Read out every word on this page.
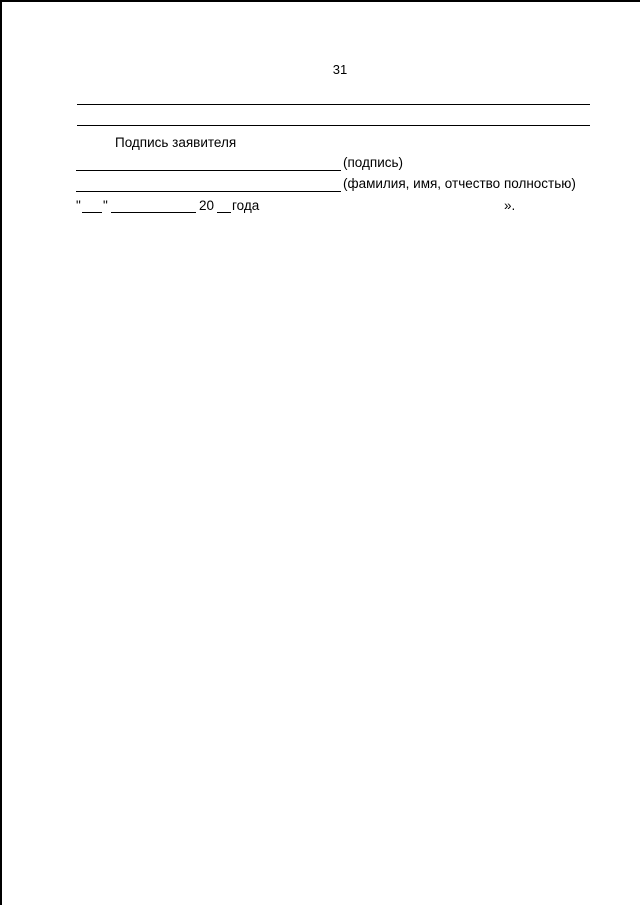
31
Подпись заявителя
(подпись)
(фамилия, имя, отчество полностью)
" "	20 года	».
